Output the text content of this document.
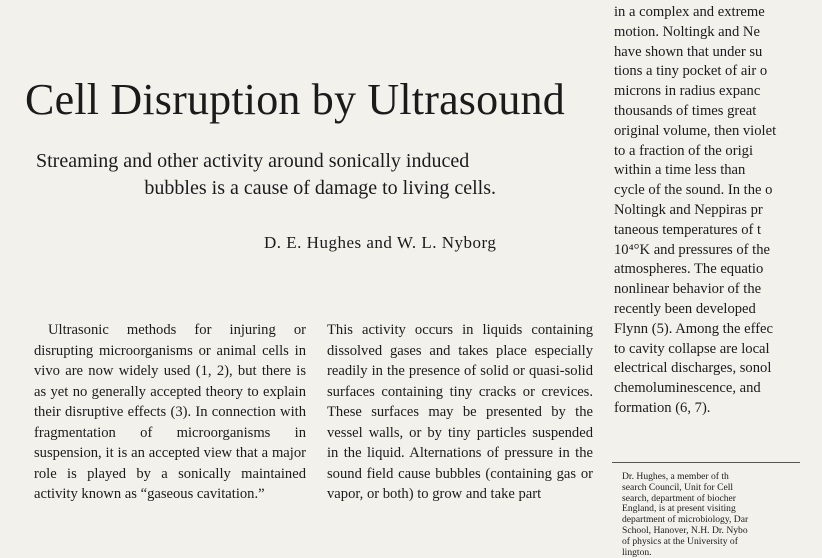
Cell Disruption by Ultrasound
Streaming and other activity around sonically induced
bubbles is a cause of damage to living cells.
D. E. Hughes and W. L. Nyborg

Ultrasonic methods for injuring or disrupting microorganisms or animal cells in vivo are now widely used (1, 2), but there is as yet no generally accepted theory to explain their disruptive effects (3). In connection with fragmentation of microorganisms in suspension, it is an accepted view that a major role is played by a sonically maintained activity known as “gaseous cavitation.”

This activity occurs in liquids containing dissolved gases and takes place especially readily in the presence of solid or quasi-solid surfaces containing tiny cracks or crevices. These surfaces may be presented by the vessel walls, or by tiny particles suspended in the liquid. Alternations of pressure in the sound field cause bubbles (containing gas or vapor, or both) to grow and take part

in a complex and extreme
motion. Noltingk and Ne
have shown that under su
tions a tiny pocket of air o
microns in radius expanc
thousands of times great
original volume, then violet
to a fraction of the origi
within a time less than
cycle of the sound. In the o
Noltingk and Neppiras pr
taneous temperatures of t
10⁴°K and pressures of the
atmospheres. The equatio
nonlinear behavior of the
recently been developed
Flynn (5). Among the effec
to cavity collapse are local
electrical discharges, sonol
chemoluminescence, and
formation (6, 7).
Dr. Hughes, a member of th
search Council, Unit for Cell
search, department of biocher
England, is at present visiting
department of microbiology, Dar
School, Hanover, N.H. Dr. Nybo
of physics at the University of
lington.
